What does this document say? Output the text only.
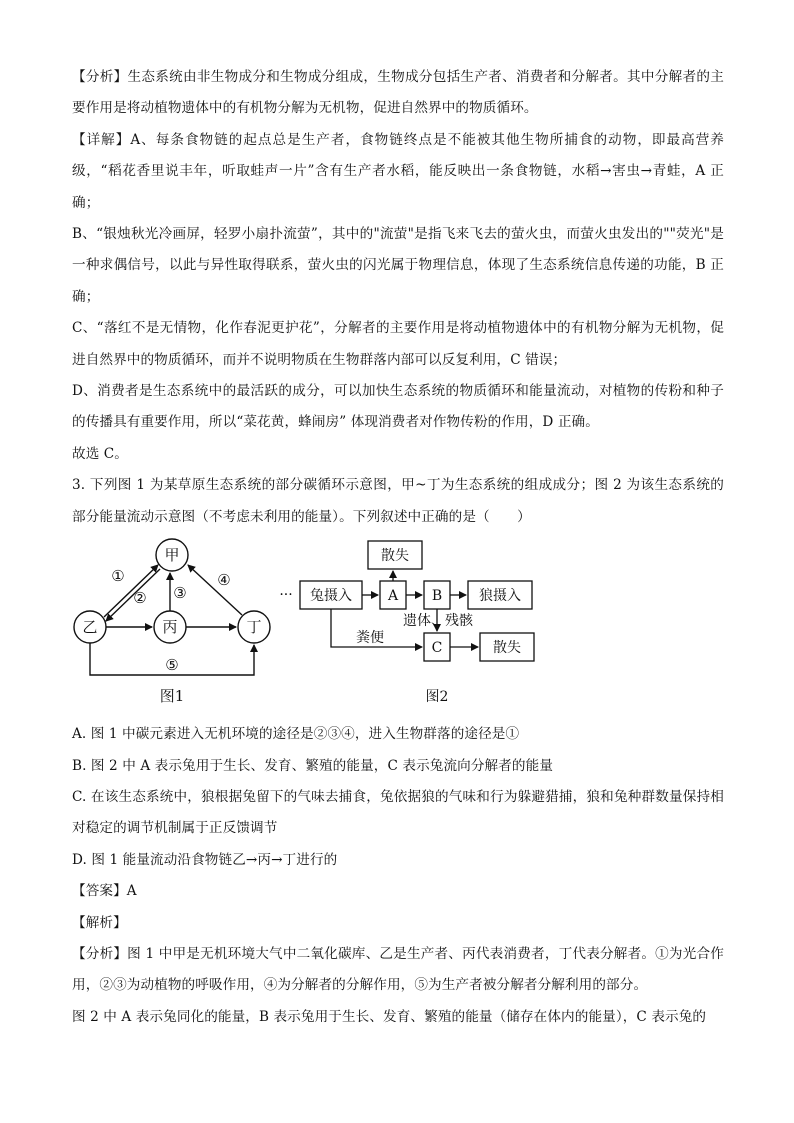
【分析】生态系统由非生物成分和生物成分组成，生物成分包括生产者、消费者和分解者。其中分解者的主要作用是将动植物遗体中的有机物分解为无机物，促进自然界中的物质循环。

【详解】A、每条食物链的起点总是生产者，食物链终点是不能被其他生物所捕食的动物，即最高营养级，“稻花香里说丰年，听取蛙声一片”含有生产者水稻，能反映出一条食物链，水稻→害虫→青蛙，A 正确；

B、“银烛秋光冷画屏，轻罗小扇扑流萤”，其中的"流萤"是指飞来飞去的萤火虫，而萤火虫发出的""荧光"是一种求偶信号，以此与异性取得联系，萤火虫的闪光属于物理信息，体现了生态系统信息传递的功能，B 正确；

C、“落红不是无情物，化作春泥更护花”，分解者的主要作用是将动植物遗体中的有机物分解为无机物，促进自然界中的物质循环，而并不说明物质在生物群落内部可以反复利用，C 错误；

D、消费者是生态系统中的最活跃的成分，可以加快生态系统的物质循环和能量流动，对植物的传粉和种子的传播具有重要作用，所以“菜花黄，蜂闹房” 体现消费者对作物传粉的作用，D 正确。

故选 C。

3. 下列图 1 为某草原生态系统的部分碳循环示意图，甲~丁为生态系统的组成成分；图 2 为该生态系统的部分能量流动示意图（不考虑未利用的能量）。下列叙述中正确的是（　　）

甲
乙	丙	丁
①
② ③
④
⑤
图1
···
散失
兔摄入	A B	狼摄入
C	散失
遗体、残骸
粪便
图2

A. 图 1 中碳元素进入无机环境的途径是②③④，进入生物群落的途径是①

B. 图 2 中 A 表示兔用于生长、发育、繁殖的能量，C 表示兔流向分解者的能量

C. 在该生态系统中，狼根据兔留下的气味去捕食，兔依据狼的气味和行为躲避猎捕，狼和兔种群数量保持相对稳定的调节机制属于正反馈调节

D. 图 1 能量流动沿食物链乙→丙→丁进行的

【答案】A

【解析】

【分析】图 1 中甲是无机环境大气中二氧化碳库、乙是生产者、丙代表消费者，丁代表分解者。①为光合作用，②③为动植物的呼吸作用，④为分解者的分解作用，⑤为生产者被分解者分解利用的部分。

图 2 中 A 表示兔同化的能量，B 表示兔用于生长、发育、繁殖的能量（储存在体内的能量），C 表示兔的
